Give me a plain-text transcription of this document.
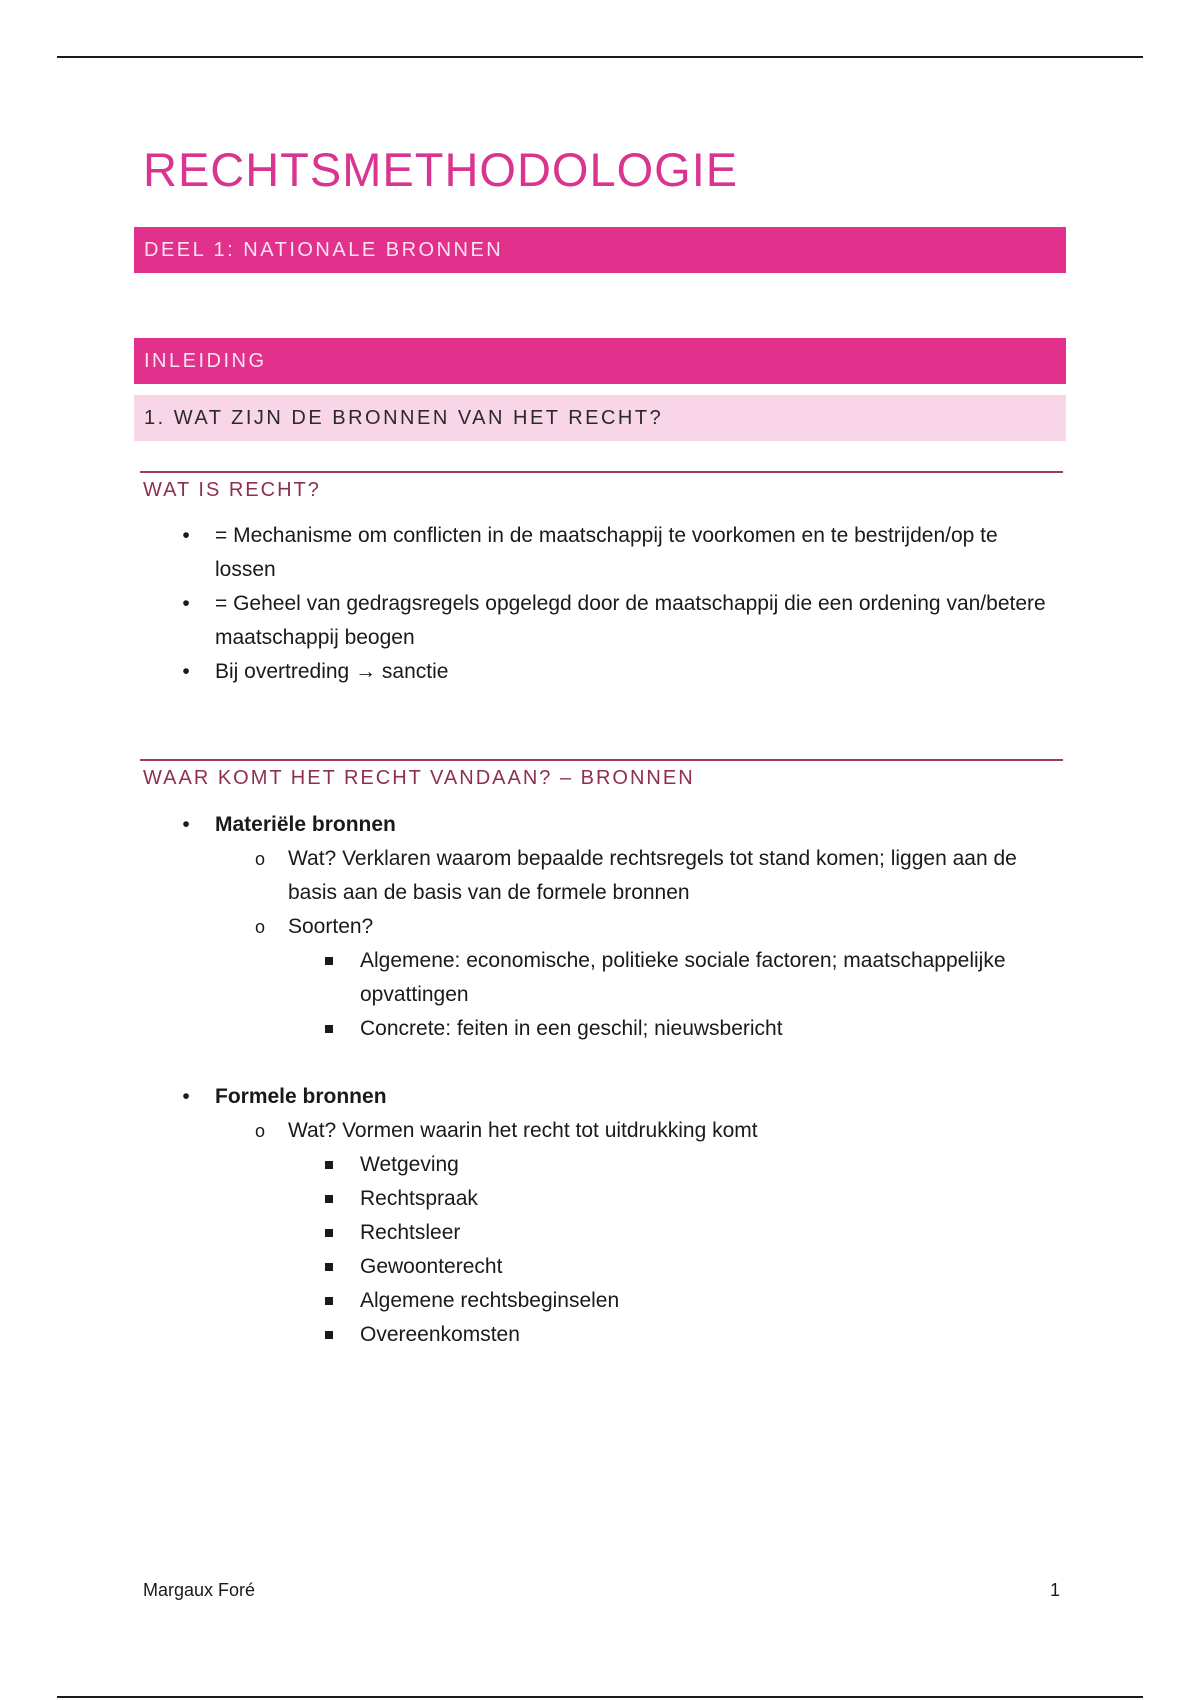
RECHTSMETHODOLOGIE
DEEL 1: NATIONALE BRONNEN
INLEIDING
1. WAT ZIJN DE BRONNEN VAN HET RECHT?
WAT IS RECHT?
• = Mechanisme om conflicten in de maatschappij te voorkomen en te bestrijden/op te lossen
• = Geheel van gedragsregels opgelegd door de maatschappij die een ordening van/betere maatschappij beogen
• Bij overtreding → sanctie
WAAR KOMT HET RECHT VANDAAN? – BRONNEN
• Materiële bronnen
o Wat? Verklaren waarom bepaalde rechtsregels tot stand komen; liggen aan de basis aan de basis van de formele bronnen
o Soorten?
Algemene: economische, politieke sociale factoren; maatschappelijke opvattingen
Concrete: feiten in een geschil; nieuwsbericht
• Formele bronnen
o Wat? Vormen waarin het recht tot uitdrukking komt
Wetgeving
Rechtspraak
Rechtsleer
Gewoonterecht
Algemene rechtsbeginselen
Overeenkomsten
Margaux Foré	1
